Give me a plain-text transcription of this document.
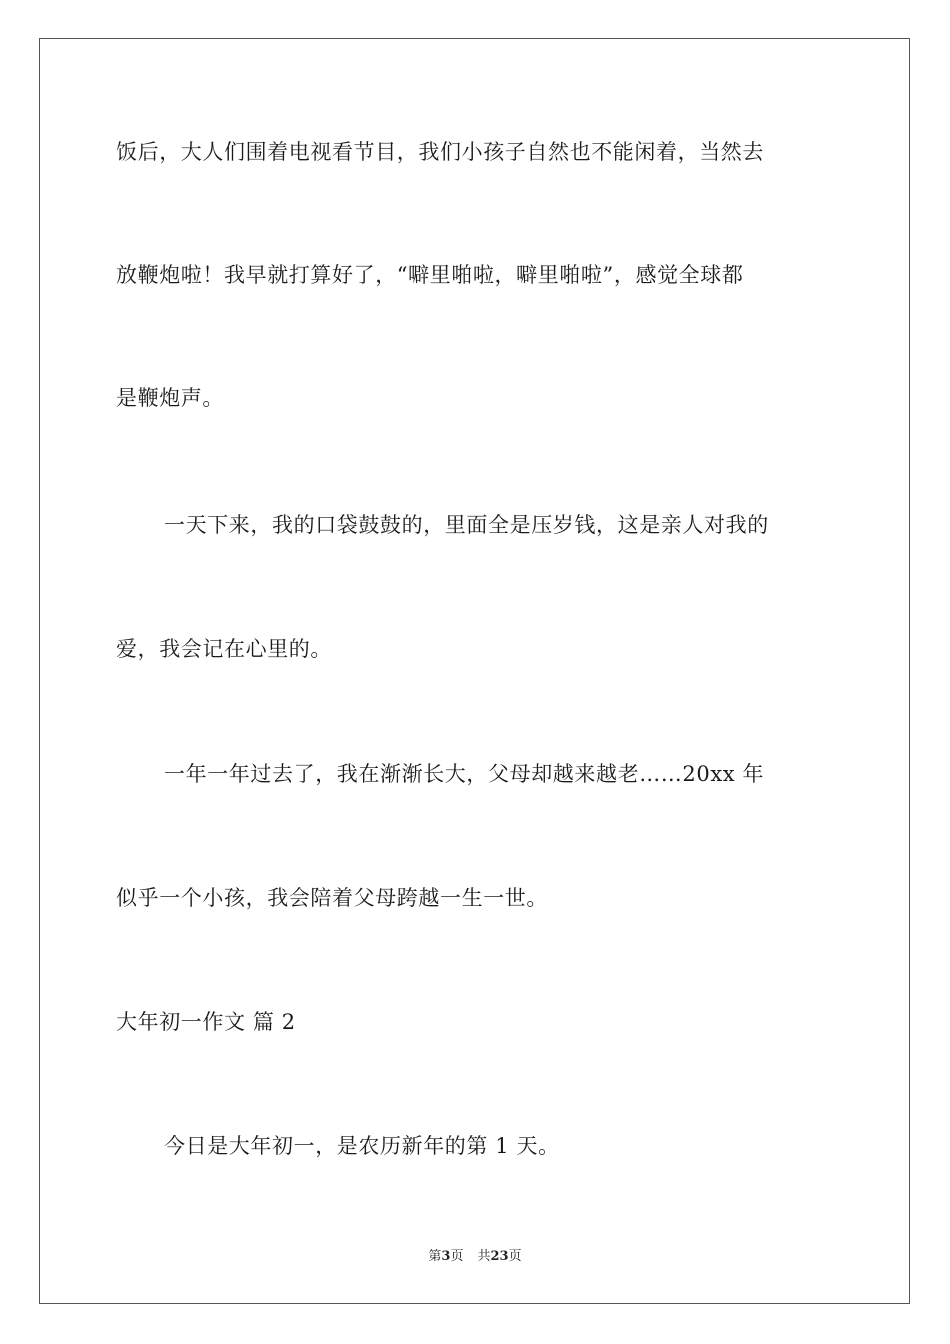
饭后，大人们围着电视看节目，我们小孩子自然也不能闲着，当然去
放鞭炮啦！我早就打算好了，“噼里啪啦，噼里啪啦”，感觉全球都
是鞭炮声。
一天下来，我的口袋鼓鼓的，里面全是压岁钱，这是亲人对我的
爱，我会记在心里的。
一年一年过去了，我在渐渐长大，父母却越来越老……20xx 年
似乎一个小孩，我会陪着父母跨越一生一世。
大年初一作文 篇 2
今日是大年初一，是农历新年的第 1 天。
第3页 共23页
